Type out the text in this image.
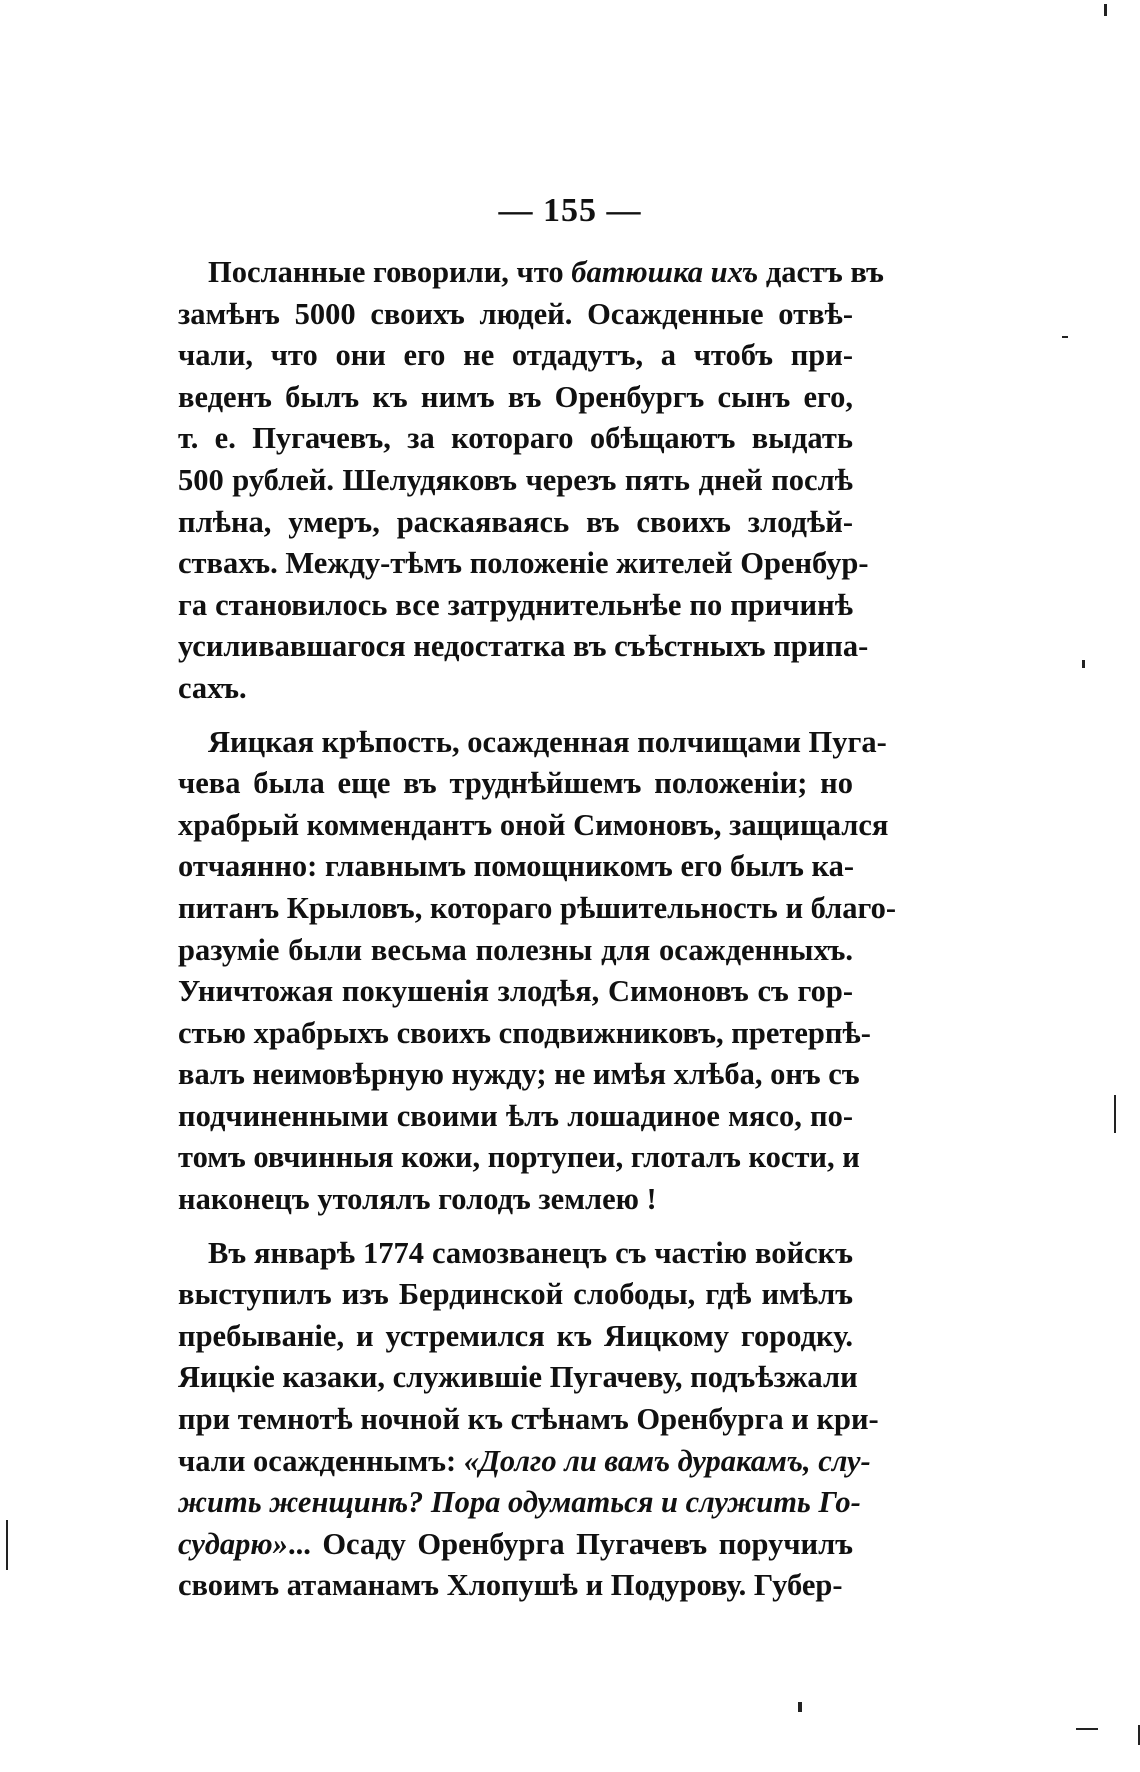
— 155 —
Посланные говорили, что батюшка ихъ дастъ въ
замѣнъ 5000 своихъ людей. Осажденные отвѣ-
чали, что они его не отдадутъ, а чтобъ при-
веденъ былъ къ нимъ въ Оренбургъ сынъ его,
т. е. Пугачевъ, за котораго обѣщаютъ выдать
500 рублей. Шелудяковъ черезъ пять дней послѣ
плѣна, умеръ, раскаяваясь въ своихъ злодѣй-
ствахъ. Между-тѣмъ положеніе жителей Оренбур-
га становилось все затруднительнѣе по причинѣ
усиливавшагося недостатка въ съѣстныхъ припа-
сахъ.
Яицкая крѣпость, осажденная полчищами Пуга-
чева была еще въ труднѣйшемъ положеніи; но
храбрый коммендантъ оной Симоновъ, защищался
отчаянно: главнымъ помощникомъ его былъ ка-
питанъ Крыловъ, котораго рѣшительность и благо-
разуміе были весьма полезны для осажденныхъ.
Уничтожая покушенія злодѣя, Симоновъ съ гор-
стью храбрыхъ своихъ сподвижниковъ, претерпѣ-
валъ неимовѣрную нужду; не имѣя хлѣба, онъ съ
подчиненными своими ѣлъ лошадиное мясо, по-
томъ овчинныя кожи, портупеи, глоталъ кости, и
наконецъ утолялъ голодъ землею !
Въ январѣ 1774 самозванецъ съ частію войскъ
выступилъ изъ Бердинской слободы, гдѣ имѣлъ
пребываніе, и устремился къ Яицкому городку.
Яицкіе казаки, служившіе Пугачеву, подъѣзжали
при темнотѣ ночной къ стѣнамъ Оренбурга и кри-
чали осажденнымъ: «Долго ли вамъ дуракамъ, слу-
жить женщинѣ? Пора одуматься и служить Го-
сударю»... Осаду Оренбурга Пугачевъ поручилъ
своимъ атаманамъ Хлопушѣ и Подурову. Губер-
